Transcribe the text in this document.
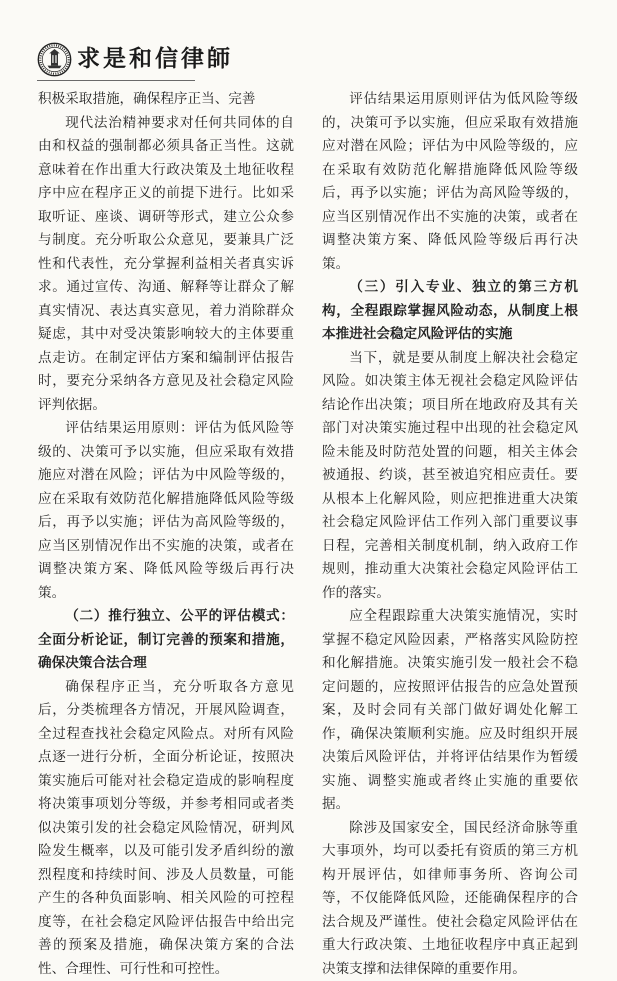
求是和信律師

积极采取措施，确保程序正当、完善

现代法治精神要求对任何共同体的自由和权益的强制都必须具备正当性。这就意味着在作出重大行政决策及土地征收程序中应在程序正义的前提下进行。比如采取听证、座谈、调研等形式，建立公众参与制度。充分听取公众意见，要兼具广泛性和代表性，充分掌握利益相关者真实诉求。通过宣传、沟通、解释等让群众了解真实情况、表达真实意见，着力消除群众疑虑，其中对受决策影响较大的主体要重点走访。在制定评估方案和编制评估报告时，要充分采纳各方意见及社会稳定风险评判依据。

评估结果运用原则：评估为低风险等级的、决策可予以实施，但应采取有效措施应对潜在风险；评估为中风险等级的，应在采取有效防范化解措施降低风险等级后，再予以实施；评估为高风险等级的，应当区别情况作出不实施的决策，或者在调整决策方案、降低风险等级后再行决策。

（二）推行独立、公平的评估模式：全面分析论证，制订完善的预案和措施，确保决策合法合理

确保程序正当，充分听取各方意见后，分类梳理各方情况，开展风险调查，全过程查找社会稳定风险点。对所有风险点逐一进行分析，全面分析论证，按照决策实施后可能对社会稳定造成的影响程度将决策事项划分等级，并参考相同或者类似决策引发的社会稳定风险情况，研判风险发生概率，以及可能引发矛盾纠纷的激烈程度和持续时间、涉及人员数量，可能产生的各种负面影响、相关风险的可控程度等，在社会稳定风险评估报告中给出完善的预案及措施，确保决策方案的合法性、合理性、可行性和可控性。

评估结果运用原则评估为低风险等级的，决策可予以实施，但应采取有效措施应对潜在风险；评估为中风险等级的，应在采取有效防范化解措施降低风险等级后，再予以实施；评估为高风险等级的，应当区别情况作出不实施的决策，或者在调整决策方案、降低风险等级后再行决策。

（三）引入专业、独立的第三方机构，全程跟踪掌握风险动态，从制度上根本推进社会稳定风险评估的实施

当下，就是要从制度上解决社会稳定风险。如决策主体无视社会稳定风险评估结论作出决策；项目所在地政府及其有关部门对决策实施过程中出现的社会稳定风险未能及时防范处置的问题，相关主体会被通报、约谈，甚至被追究相应责任。要从根本上化解风险，则应把推进重大决策社会稳定风险评估工作列入部门重要议事日程，完善相关制度机制，纳入政府工作规则，推动重大决策社会稳定风险评估工作的落实。

应全程跟踪重大决策实施情况，实时掌握不稳定风险因素，严格落实风险防控和化解措施。决策实施引发一般社会不稳定问题的，应按照评估报告的应急处置预案，及时会同有关部门做好调处化解工作，确保决策顺利实施。应及时组织开展决策后风险评估，并将评估结果作为暂缓实施、调整实施或者终止实施的重要依据。

除涉及国家安全，国民经济命脉等重大事项外，均可以委托有资质的第三方机构开展评估，如律师事务所、咨询公司等，不仅能降低风险，还能确保程序的合法合规及严谨性。使社会稳定风险评估在重大行政决策、土地征收程序中真正起到决策支撑和法律保障的重要作用。
